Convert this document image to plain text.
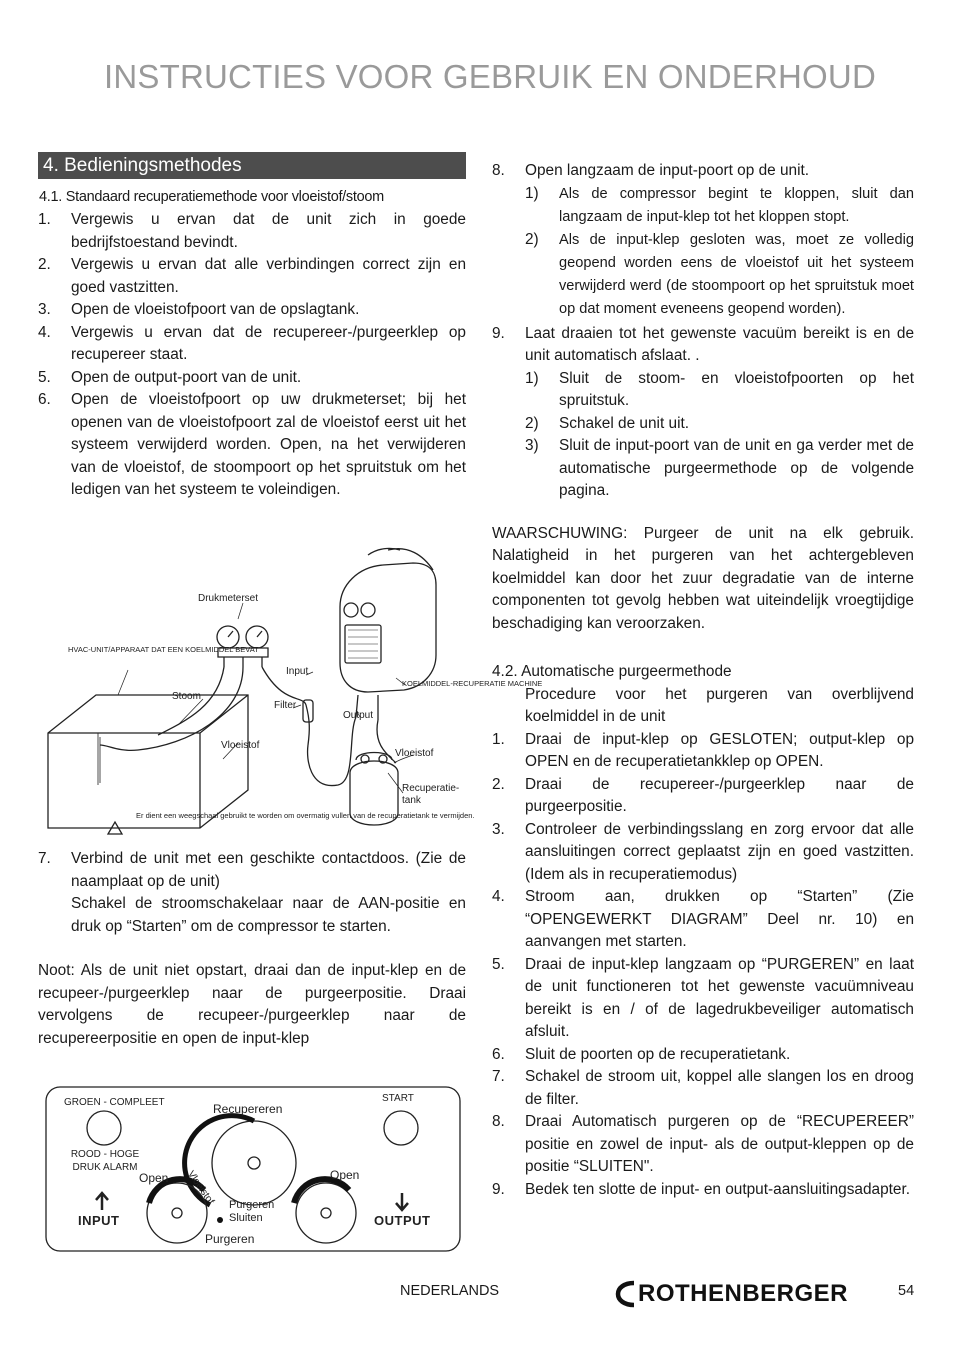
INSTRUCTIES VOOR GEBRUIK EN ONDERHOUD
4. Bedieningsmethodes
4.1. Standaard recuperatiemethode voor vloeistof/stoom
1.	Vergewis u ervan dat de unit zich in goede bedrijfstoestand bevindt.
2.	Vergewis u ervan dat alle verbindingen correct zijn en goed vastzitten.
3.	Open de vloeistofpoort van de opslagtank.
4.	Vergewis u ervan dat de recupereer-/purgeerklep op recupereer staat.
5.	Open de output-poort van de unit.
6.	Open de vloeistofpoort op uw drukmeterset; bij het openen van de vloeistofpoort zal de vloeistof eerst uit het systeem verwijderd worden. Open, na het verwijderen van de vloeistof, de stoompoort op het spruitstuk om het ledigen van het systeem te voleindigen.
Drukmeterset
HVAC-UNIT/APPARAAT DAT EEN KOELMIDDEL BEVAT
Stoom
Vloeistof
Input
Filter
Output
KOELMIDDEL-RECUPERATIE MACHINE
Vloeistof
Recuperatie-tank
Er dient een weegschaal gebruikt te worden om overmatig vullen van de recuperatietank te vermijden.
7.	Verbind de unit met een geschikte contactdoos. (Zie de naamplaat op de unit)

Schakel de stroomschakelaar naar de AAN-positie en druk op “Starten” om de compressor te starten.

Noot: Als de unit niet opstart, draai dan de input-klep en de recupeer-/purgeerklep naar de purgeerpositie. Draai vervolgens de recupeer-/purgeerklep naar de recupereerpositie en open de input-klep

GROEN - COMPLEET
ROOD - HOGE DRUK ALARM
START
Recupereren
Vloeistof
Open	Open
Purgeren Sluiten
Purgeren
INPUT	OUTPUT
8.	Open langzaam de input-poort op de unit.
1)	Als de compressor begint te kloppen, sluit dan langzaam de input-klep tot het kloppen stopt.
2)	Als de input-klep gesloten was, moet ze volledig geopend worden eens de vloeistof uit het systeem verwijderd werd (de stoompoort op het spruitstuk moet op dat moment eveneens geopend worden).
9.	Laat draaien tot het gewenste vacuüm bereikt is en de unit automatisch afslaat. .
1)	Sluit de stoom- en vloeistofpoorten op het spruitstuk.
2)	Schakel de unit uit.
3)	Sluit de input-poort van de unit en ga verder met de automatische purgeermethode op de volgende pagina.

WAARSCHUWING: Purgeer de unit na elk gebruik. Nalatigheid in het purgeren van het achtergebleven koelmiddel kan door het zuur degradatie van de interne componenten tot gevolg hebben wat uiteindelijk vroegtijdige beschadiging kan veroorzaken.

4.2. Automatische purgeermethode

Procedure voor het purgeren van overblijvend koelmiddel in de unit

1.	Draai de input-klep op GESLOTEN; output-klep op OPEN en de recuperatietankklep op OPEN.
2.	Draai de recupereer-/purgeerklep naar de purgeerpositie.
3.	Controleer de verbindingsslang en zorg ervoor dat alle aansluitingen correct geplaatst zijn en goed vastzitten. (Idem als in recuperatiemodus)
4.	Stroom aan, drukken op “Starten” (Zie “OPENGEWERKT DIAGRAM” Deel nr. 10) en aanvangen met starten.
5.	Draai de input-klep langzaam op “PURGEREN” en laat de unit functioneren tot het gewenste vacuümniveau bereikt is en / of de lagedrukbeveiliger automatisch afsluit.
6.	Sluit de poorten op de recuperatietank.
7.	Schakel de stroom uit, koppel alle slangen los en droog de filter.
8.	Draai Automatisch purgeren op de “RECUPEREER” positie en zowel de input- als de output-kleppen op de positie “SLUITEN".
9.	Bedek ten slotte de input- en output-aansluitingsadapter.
NEDERLANDS	ROTHENBERGER	54
